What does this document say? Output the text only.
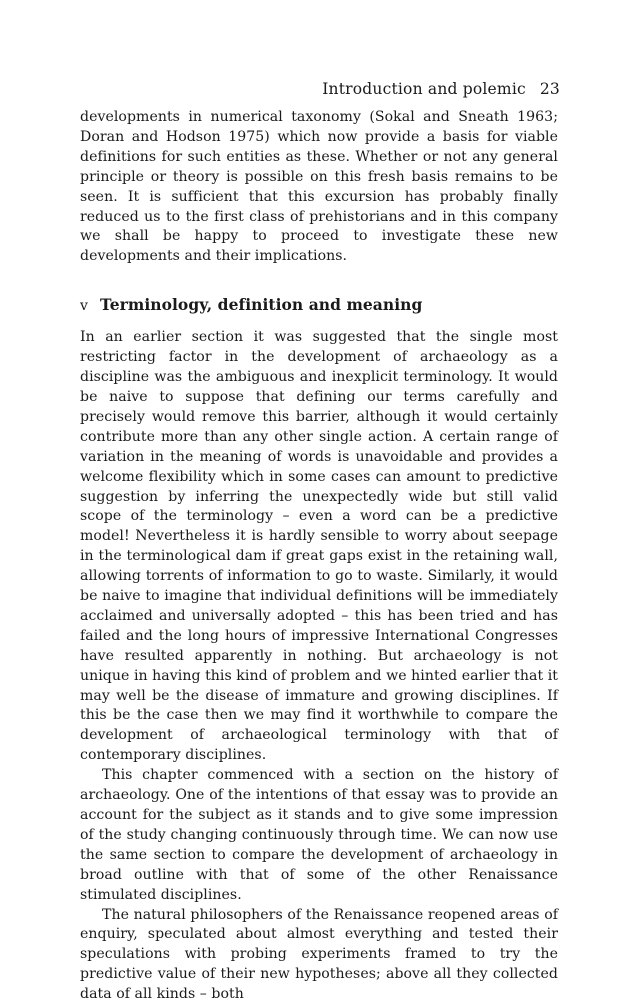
Introduction and polemic 23

developments in numerical taxonomy (Sokal and Sneath 1963; Doran and Hodson 1975) which now provide a basis for viable definitions for such entities as these. Whether or not any general principle or theory is possible on this fresh basis remains to be seen. It is sufficient that this excursion has probably finally reduced us to the first class of prehistorians and in this company we shall be happy to proceed to investigate these new developments and their implications.

v Terminology, definition and meaning

In an earlier section it was suggested that the single most restricting factor in the development of archaeology as a discipline was the ambiguous and inexplicit terminology. It would be naive to suppose that defining our terms carefully and precisely would remove this barrier, although it would certainly contribute more than any other single action. A certain range of variation in the meaning of words is unavoidable and provides a welcome flexibility which in some cases can amount to predictive suggestion by inferring the unexpectedly wide but still valid scope of the terminology – even a word can be a predictive model! Nevertheless it is hardly sensible to worry about seepage in the terminological dam if great gaps exist in the retaining wall, allowing torrents of information to go to waste. Similarly, it would be naive to imagine that individual definitions will be immediately acclaimed and universally adopted – this has been tried and has failed and the long hours of impressive International Congresses have resulted apparently in nothing. But archaeology is not unique in having this kind of problem and we hinted earlier that it may well be the disease of immature and growing disciplines. If this be the case then we may find it worthwhile to compare the development of archaeological terminology with that of contemporary disciplines.

This chapter commenced with a section on the history of archaeology. One of the intentions of that essay was to provide an account for the subject as it stands and to give some impression of the study changing continuously through time. We can now use the same section to compare the development of archaeology in broad outline with that of some of the other Renaissance stimulated disciplines.

The natural philosophers of the Renaissance reopened areas of enquiry, speculated about almost everything and tested their speculations with probing experiments framed to try the predictive value of their new hypotheses; above all they collected data of all kinds – both
